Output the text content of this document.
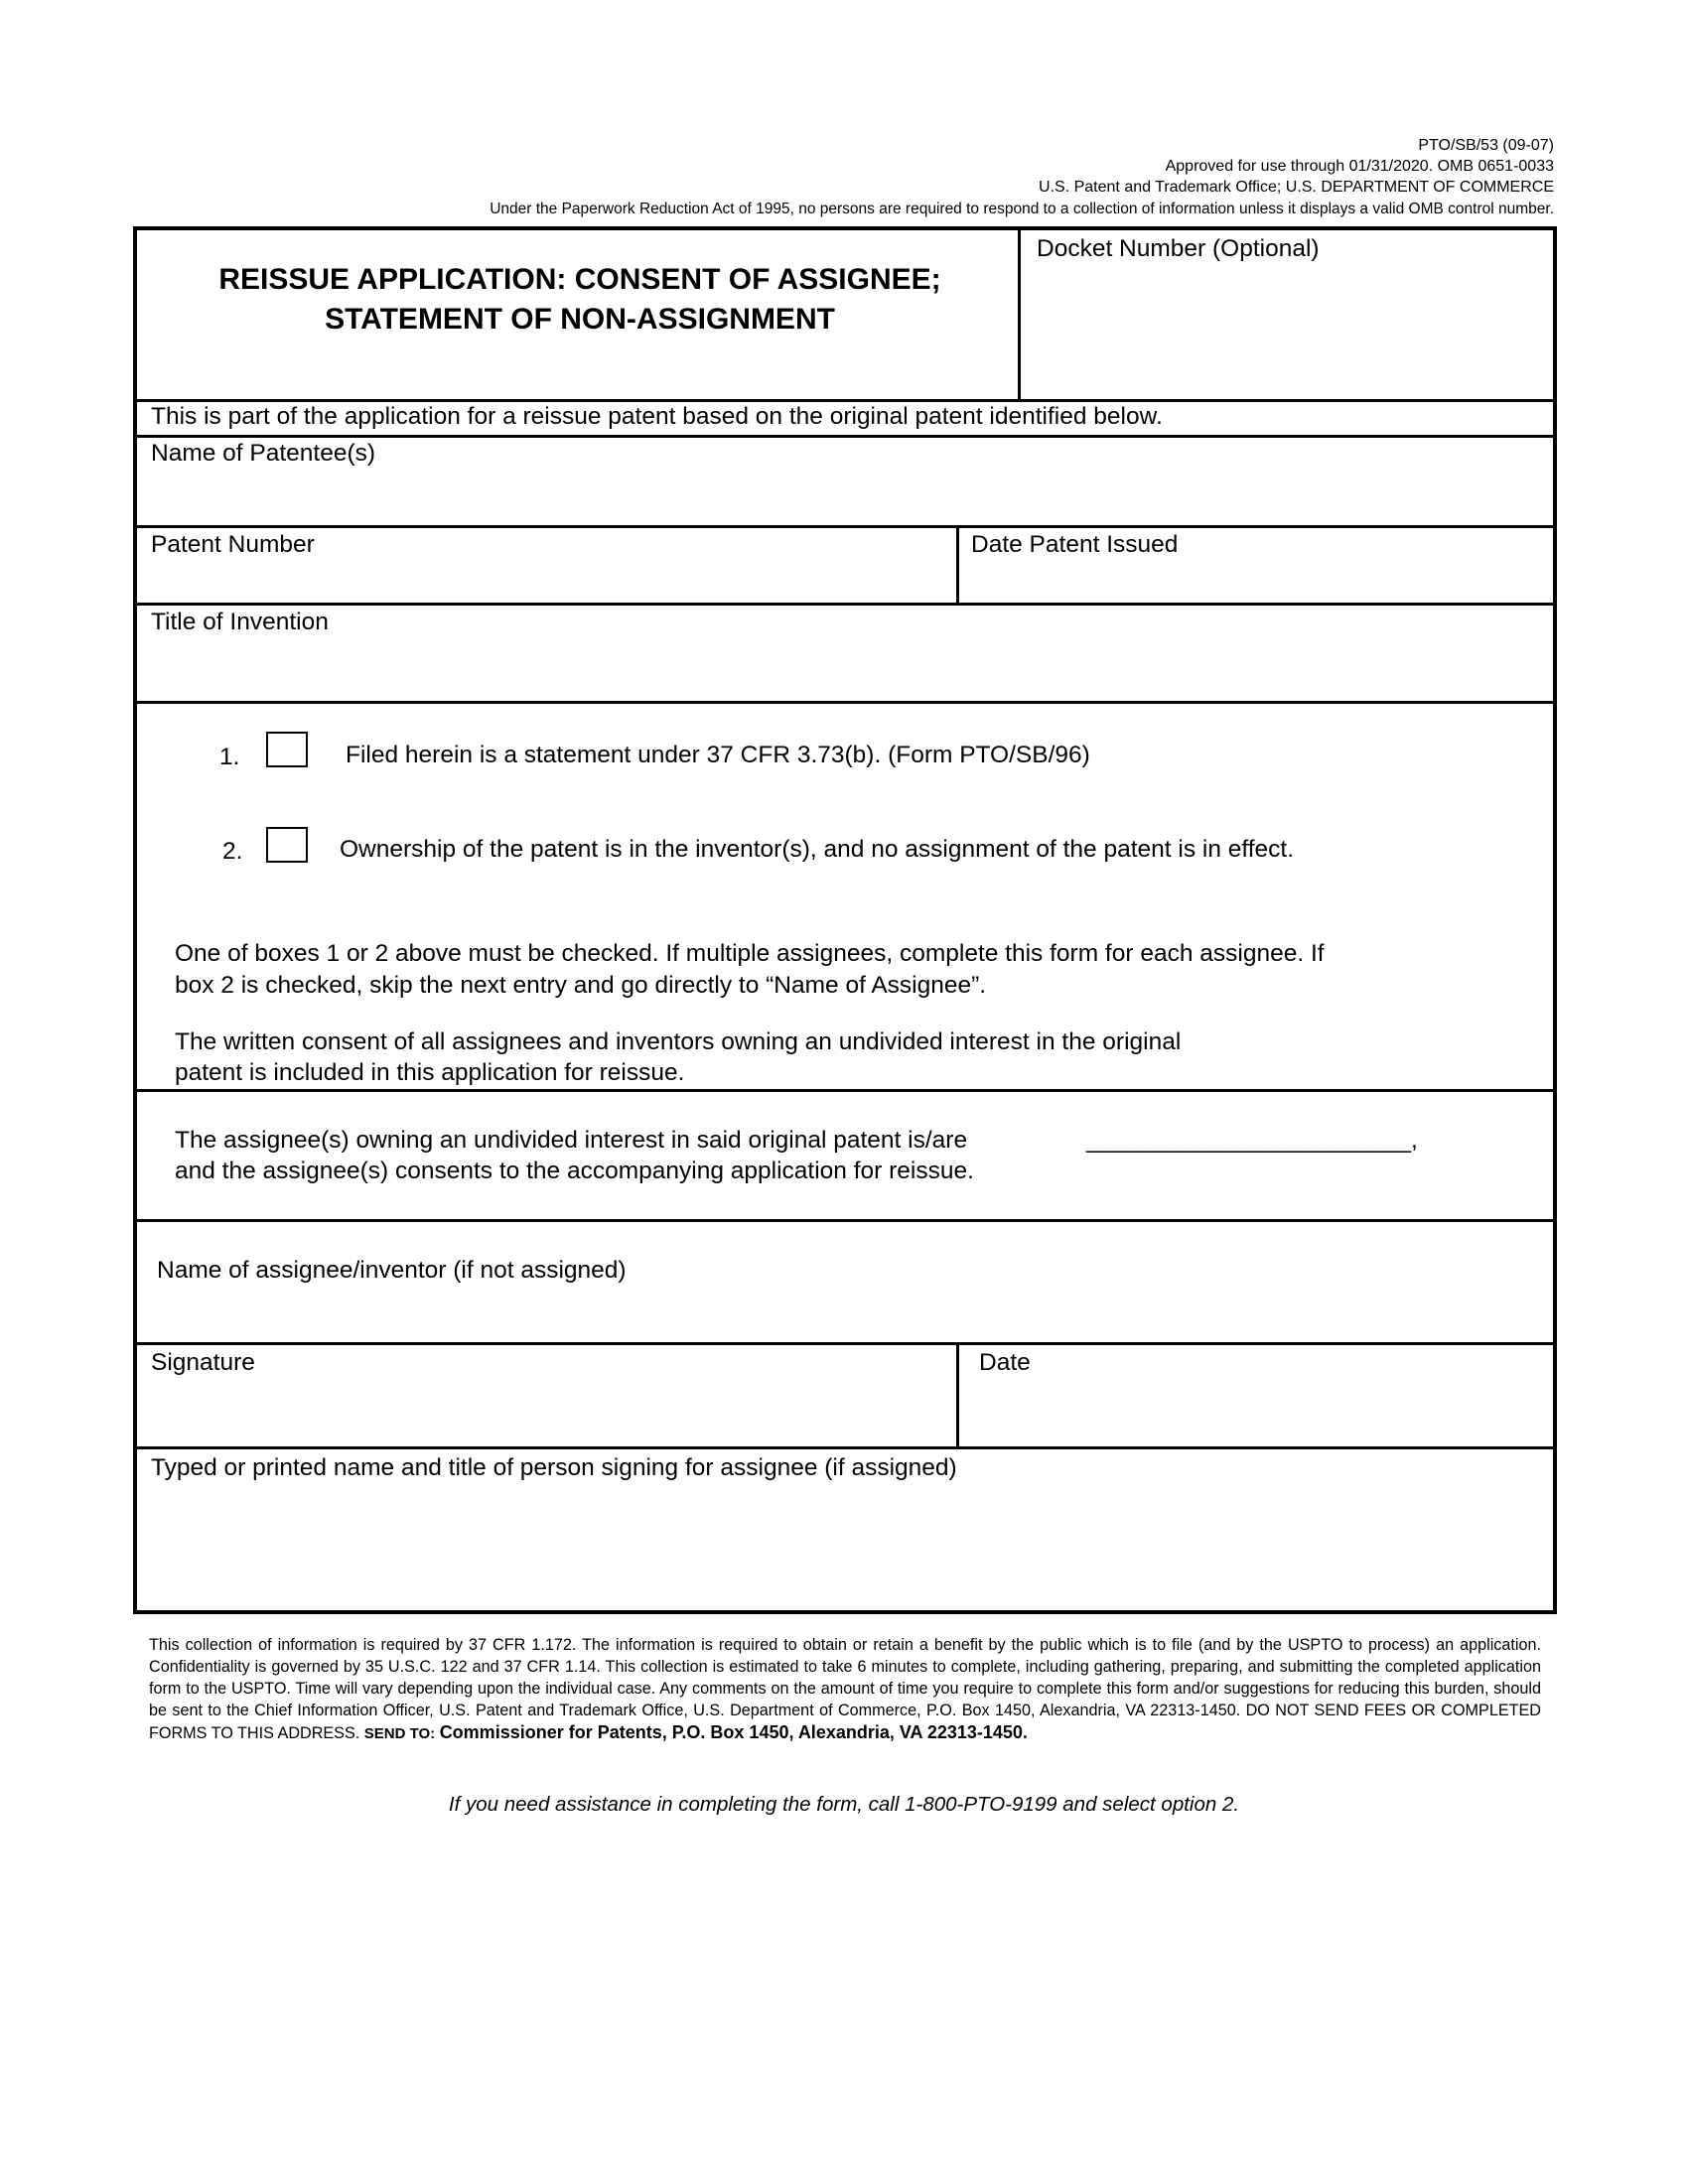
PTO/SB/53 (09-07)
Approved for use through 01/31/2020. OMB 0651-0033
U.S. Patent and Trademark Office; U.S. DEPARTMENT OF COMMERCE
Under the Paperwork Reduction Act of 1995, no persons are required to respond to a collection of information unless it displays a valid OMB control number.
REISSUE APPLICATION: CONSENT OF ASSIGNEE;
STATEMENT OF NON-ASSIGNMENT
Docket Number (Optional)
This is part of the application for a reissue patent based on the original patent identified below.
Name of Patentee(s)
Patent Number	Date Patent Issued
Title of Invention
1.	Filed herein is a statement under 37 CFR 3.73(b). (Form PTO/SB/96)
2.	Ownership of the patent is in the inventor(s), and no assignment of the patent is in effect.
One of boxes 1 or 2 above must be checked. If multiple assignees, complete this form for each assignee. If
box 2 is checked, skip the next entry and go directly to “Name of Assignee”.
The written consent of all assignees and inventors owning an undivided interest in the original
patent is included in this application for reissue.
The assignee(s) owning an undivided interest in said original patent is/are	________________________,
and the assignee(s) consents to the accompanying application for reissue.
Name of assignee/inventor (if not assigned)
Signature	Date
Typed or printed name and title of person signing for assignee (if assigned)
This collection of information is required by 37 CFR 1.172. The information is required to obtain or retain a benefit by the public which is to file (and by the USPTO to process) an application. Confidentiality is governed by 35 U.S.C. 122 and 37 CFR 1.14. This collection is estimated to take 6 minutes to complete, including gathering, preparing, and submitting the completed application form to the USPTO. Time will vary depending upon the individual case. Any comments on the amount of time you require to complete this form and/or suggestions for reducing this burden, should be sent to the Chief Information Officer, U.S. Patent and Trademark Office, U.S. Department of Commerce, P.O. Box 1450, Alexandria, VA 22313-1450. DO NOT SEND FEES OR COMPLETED FORMS TO THIS ADDRESS. SEND TO: Commissioner for Patents, P.O. Box 1450, Alexandria, VA 22313-1450.
If you need assistance in completing the form, call 1-800-PTO-9199 and select option 2.
